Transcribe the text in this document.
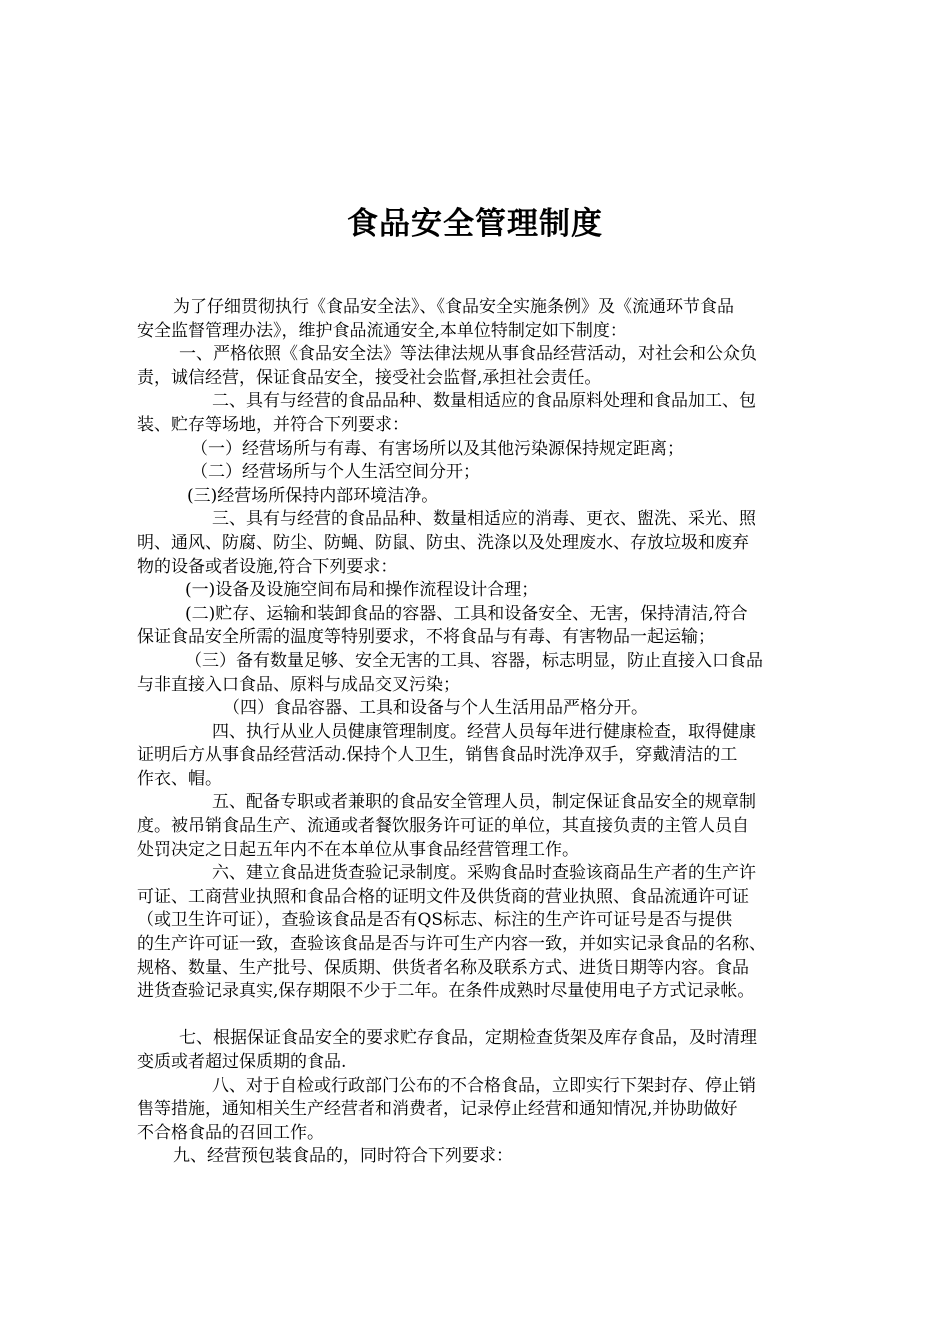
食品安全管理制度
为了仔细贯彻执行《食品安全法》、《食品安全实施条例》及《流通环节食品
安全监督管理办法》，维护食品流通安全,本单位特制定如下制度：
一、严格依照《食品安全法》等法律法规从事食品经营活动，对社会和公众负
责，诚信经营，保证食品安全，接受社会监督,承担社会责任。
二、具有与经营的食品品种、数量相适应的食品原料处理和食品加工、包
装、贮存等场地，并符合下列要求：
（一）经营场所与有毒、有害场所以及其他污染源保持规定距离；
（二）经营场所与个人生活空间分开；
(三)经营场所保持内部环境洁净。
三、具有与经营的食品品种、数量相适应的消毒、更衣、盥洗、采光、照
明、通风、防腐、防尘、防蝇、防鼠、防虫、洗涤以及处理废水、存放垃圾和废弃
物的设备或者设施,符合下列要求：
(一)设备及设施空间布局和操作流程设计合理；
(二)贮存、运输和装卸食品的容器、工具和设备安全、无害，保持清洁,符合
保证食品安全所需的温度等特别要求，不将食品与有毒、有害物品一起运输；
（三）备有数量足够、安全无害的工具、容器，标志明显，防止直接入口食品
与非直接入口食品、原料与成品交叉污染；
（四）食品容器、工具和设备与个人生活用品严格分开。
四、执行从业人员健康管理制度。经营人员每年进行健康检查，取得健康
证明后方从事食品经营活动.保持个人卫生，销售食品时洗净双手，穿戴清洁的工
作衣、帽。
五、配备专职或者兼职的食品安全管理人员，制定保证食品安全的规章制
度。被吊销食品生产、流通或者餐饮服务许可证的单位，其直接负责的主管人员自
处罚决定之日起五年内不在本单位从事食品经营管理工作。
六、建立食品进货查验记录制度。采购食品时查验该商品生产者的生产许
可证、工商营业执照和食品合格的证明文件及供货商的营业执照、食品流通许可证
（或卫生许可证），查验该食品是否有QS标志、标注的生产许可证号是否与提供
的生产许可证一致，查验该食品是否与许可生产内容一致，并如实记录食品的名称、
规格、数量、生产批号、保质期、供货者名称及联系方式、进货日期等内容。食品
进货查验记录真实,保存期限不少于二年。在条件成熟时尽量使用电子方式记录帐。
七、根据保证食品安全的要求贮存食品，定期检查货架及库存食品，及时清理
变质或者超过保质期的食品.
八、对于自检或行政部门公布的不合格食品，立即实行下架封存、停止销
售等措施，通知相关生产经营者和消费者，记录停止经营和通知情况,并协助做好
不合格食品的召回工作。
九、经营预包装食品的，同时符合下列要求：
